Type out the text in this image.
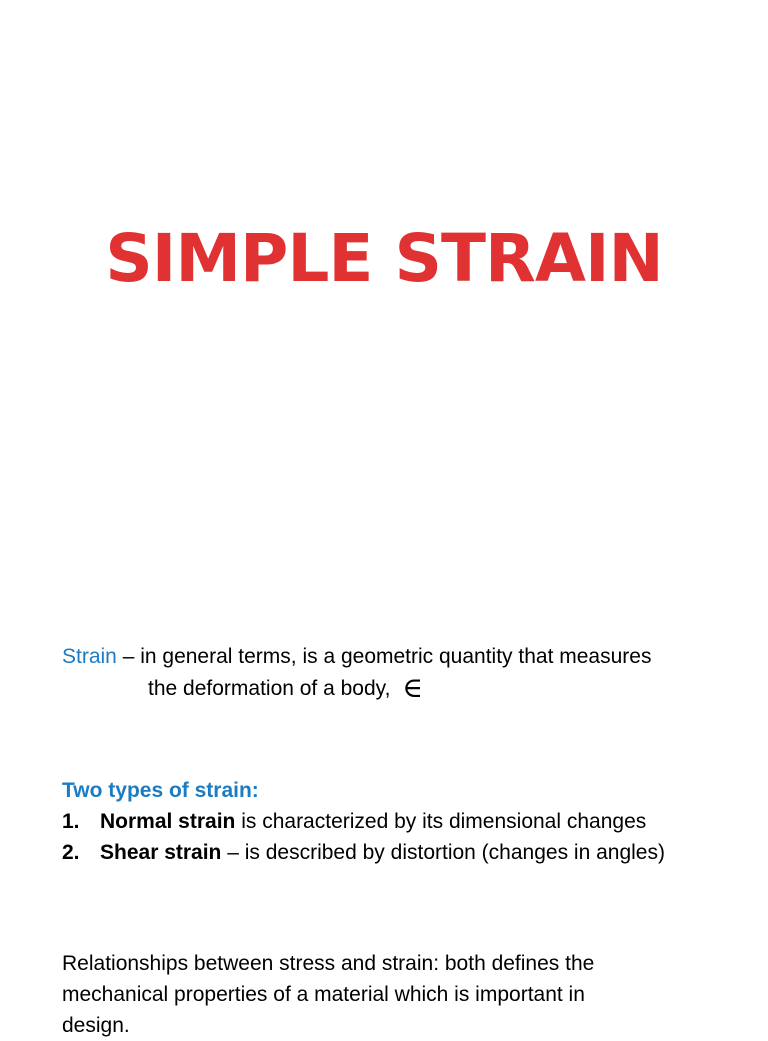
SIMPLE STRAIN
Strain – in general terms, is a geometric quantity that measures
the deformation of a body, ∈
Two types of strain:
1. Normal strain is characterized by its dimensional changes
2. Shear strain – is described by distortion (changes in angles)
Relationships between stress and strain: both defines the
mechanical properties of a material which is important in
design.
